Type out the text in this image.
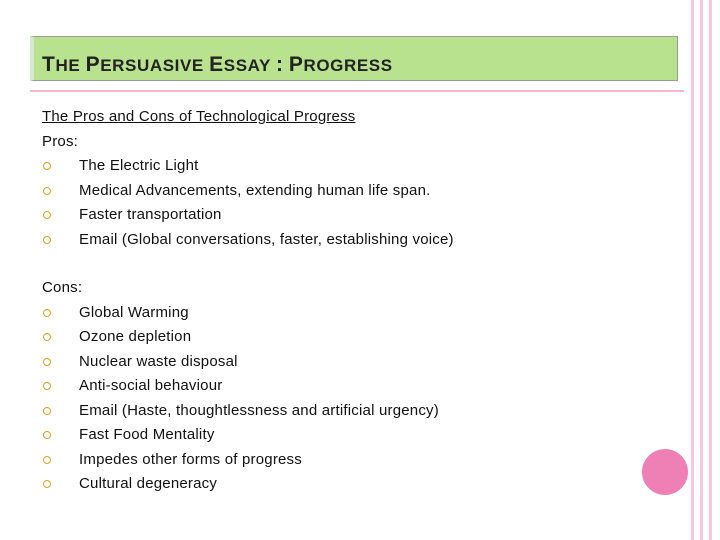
THE PERSUASIVE ESSAY : PROGRESS
The Pros and Cons of Technological Progress
Pros:
The Electric Light
Medical Advancements, extending human life span.
Faster transportation
Email (Global conversations, faster, establishing voice)
Cons:
Global Warming
Ozone depletion
Nuclear waste disposal
Anti-social behaviour
Email (Haste, thoughtlessness and artificial urgency)
Fast Food Mentality
Impedes other forms of progress
Cultural degeneracy
